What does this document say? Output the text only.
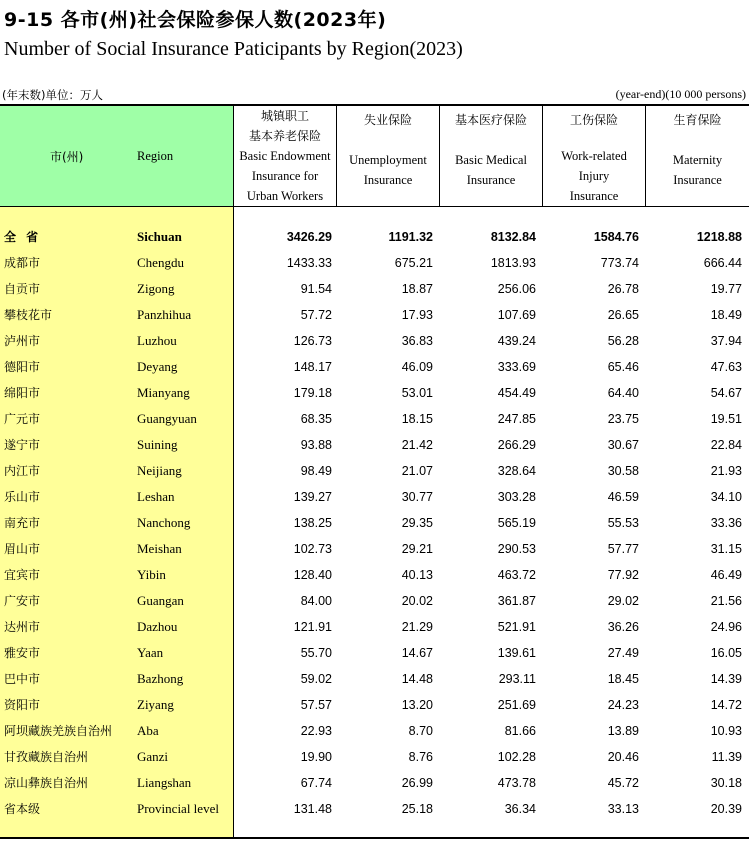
9-15 各市(州)社会保险参保人数(2023年)
Number of Social Insurance Paticipants by Region(2023)
(年末数)单位：万人	(year-end)(10 000 persons)
市(州)	Region
城镇职工
基本养老保险
Basic Endowment
Insurance for
Urban Workers
失业保险
Unemployment
Insurance
基本医疗保险
Basic Medical
Insurance
工伤保险
Work-related
Injury
Insurance
生育保险
Maternity
Insurance
全 省	Sichuan	3426.29	1191.32	8132.84	1584.76	1218.88
成都市	Chengdu	1433.33	675.21	1813.93	773.74	666.44
自贡市	Zigong	91.54	18.87	256.06	26.78	19.77
攀枝花市	Panzhihua	57.72	17.93	107.69	26.65	18.49
泸州市	Luzhou	126.73	36.83	439.24	56.28	37.94
德阳市	Deyang	148.17	46.09	333.69	65.46	47.63
绵阳市	Mianyang	179.18	53.01	454.49	64.40	54.67
广元市	Guangyuan	68.35	18.15	247.85	23.75	19.51
遂宁市	Suining	93.88	21.42	266.29	30.67	22.84
内江市	Neijiang	98.49	21.07	328.64	30.58	21.93
乐山市	Leshan	139.27	30.77	303.28	46.59	34.10
南充市	Nanchong	138.25	29.35	565.19	55.53	33.36
眉山市	Meishan	102.73	29.21	290.53	57.77	31.15
宜宾市	Yibin	128.40	40.13	463.72	77.92	46.49
广安市	Guangan	84.00	20.02	361.87	29.02	21.56
达州市	Dazhou	121.91	21.29	521.91	36.26	24.96
雅安市	Yaan	55.70	14.67	139.61	27.49	16.05
巴中市	Bazhong	59.02	14.48	293.11	18.45	14.39
资阳市	Ziyang	57.57	13.20	251.69	24.23	14.72
阿坝藏族羌族自治州 Aba	22.93	8.70	81.66	13.89	10.93
甘孜藏族自治州	Ganzi	19.90	8.76	102.28	20.46	11.39
凉山彝族自治州	Liangshan	67.74	26.99	473.78	45.72	30.18
省本级	Provincial level	131.48	25.18	36.34	33.13	20.39
